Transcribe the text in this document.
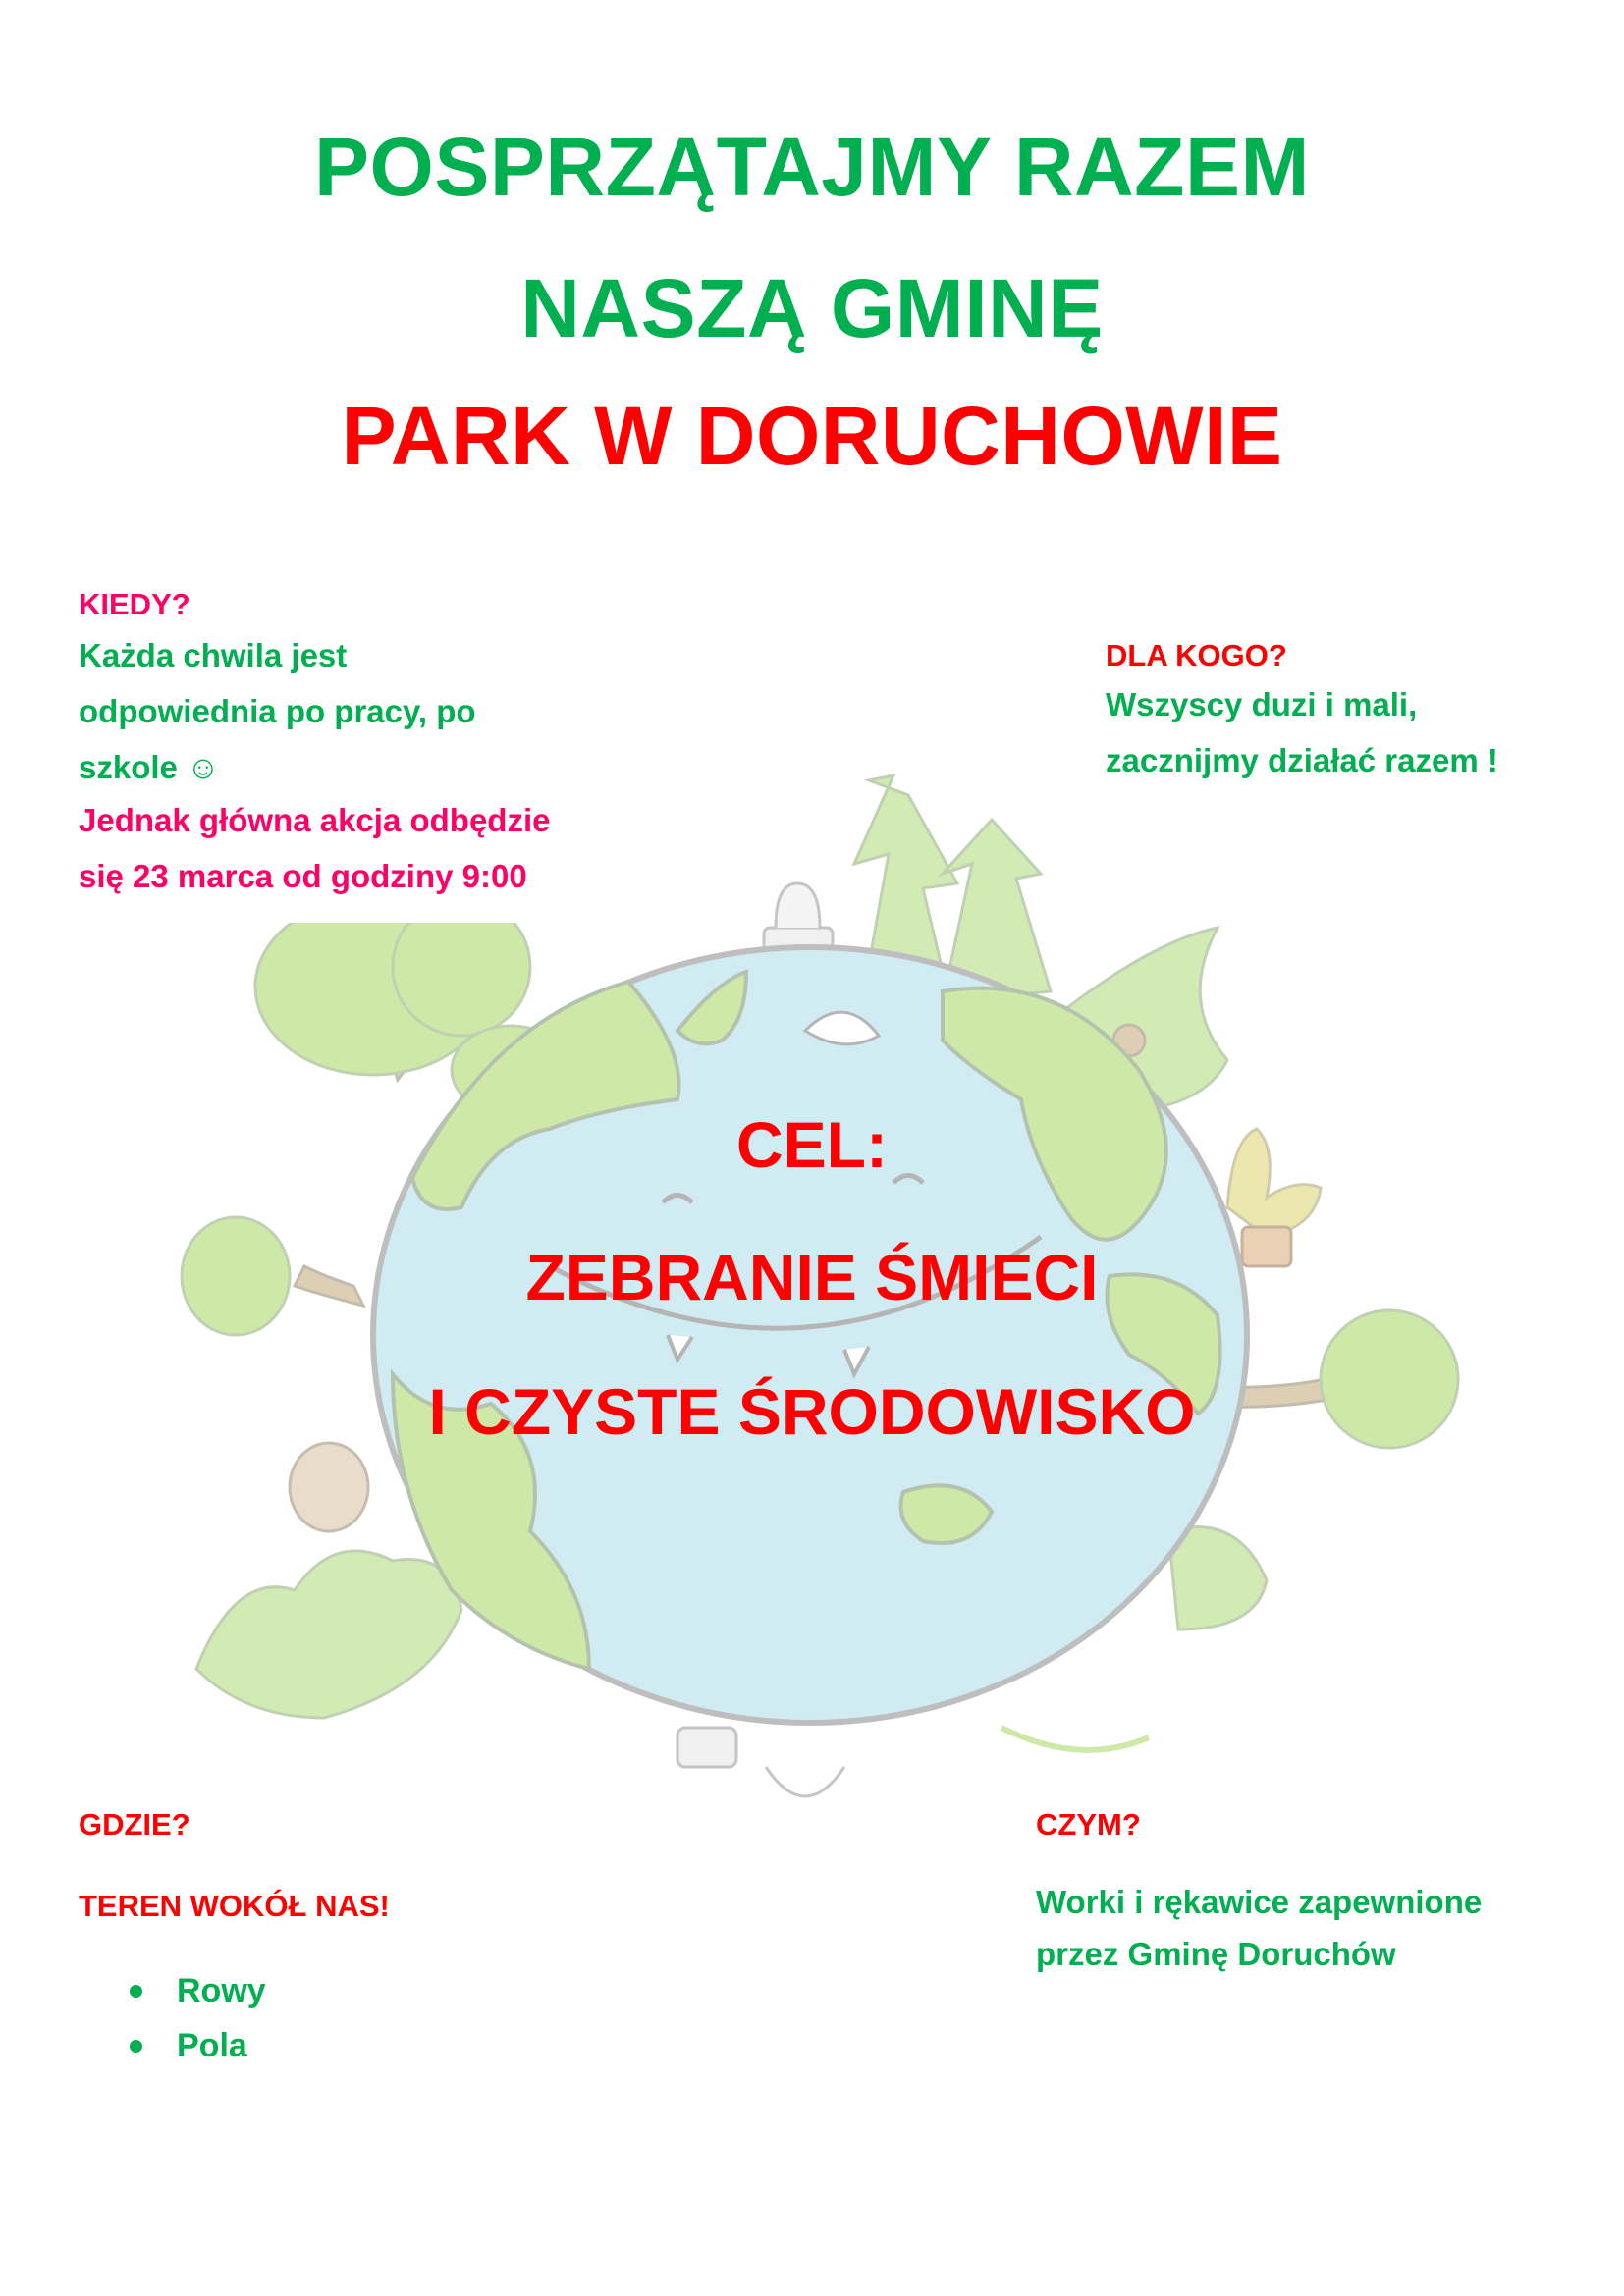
POSPRZĄTAJMY RAZEM
NASZĄ GMINĘ
PARK W DORUCHOWIE
KIEDY?
Każda chwila jest
odpowiednia po pracy, po
szkole ☺
Jednak główna akcja odbędzie
się 23 marca od godziny 9:00
DLA KOGO?
Wszyscy duzi i mali,
zacznijmy działać razem !
CEL:
ZEBRANIE ŚMIECI
I CZYSTE ŚRODOWISKO
GDZIE?
TEREN WOKÓŁ NAS!
Rowy
Pola
CZYM?
Worki i rękawice zapewnione
przez Gminę Doruchów
